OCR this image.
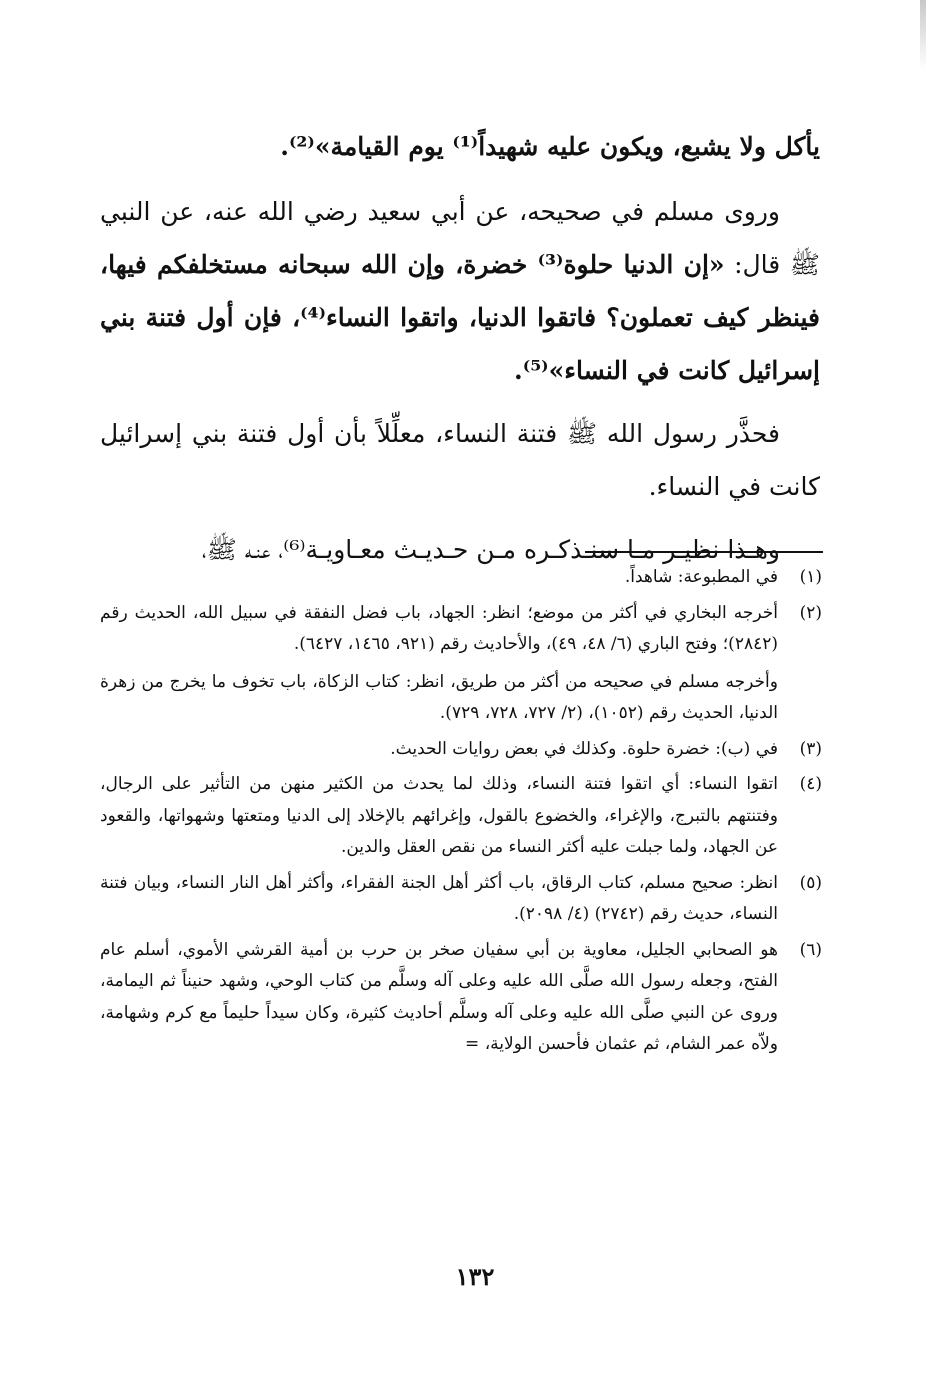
يأكل ولا يشبع، ويكون عليه شهيداً⁽¹⁾ يوم القيامة»⁽²⁾.

وروى مسلم في صحيحه، عن أبي سعيد رضي الله عنه، عن النبي ﷺ قال: «إن الدنيا حلوة⁽³⁾ خضرة، وإن الله سبحانه مستخلفكم فيها، فينظر كيف تعملون؟ فاتقوا الدنيا، واتقوا النساء⁽⁴⁾، فإن أول فتنة بني إسرائيل كانت في النساء»⁽⁵⁾.

فحذَّر رسول الله ﷺ فتنة النساء، معلِّلاً بأن أول فتنة بني إسرائيل كانت في النساء.

وهـذا نظيـر مـا سنـذكـره مـن حـديـث معـاويـة⁽⁶⁾، عنـه ﷺ،

(١)

في المطبوعة: شاهداً.

(٢)

أخرجه البخاري في أكثر من موضع؛ انظر: الجهاد، باب فضل النفقة في سبيل الله، الحديث رقم (٢٨٤٢)؛ وفتح الباري (٦/ ٤٨، ٤٩)، والأحاديث رقم (٩٢١، ١٤٦٥، ٦٤٢٧).

وأخرجه مسلم في صحيحه من أكثر من طريق، انظر: كتاب الزكاة، باب تخوف ما يخرج من زهرة الدنيا، الحديث رقم (١٠٥٢)، (٢/ ٧٢٧، ٧٢٨، ٧٢٩).

(٣)

في (ب): خضرة حلوة. وكذلك في بعض روايات الحديث.

(٤)

اتقوا النساء: أي اتقوا فتنة النساء، وذلك لما يحدث من الكثير منهن من التأثير على الرجال، وفتنتهم بالتبرج، والإغراء، والخضوع بالقول، وإغرائهم بالإخلاد إلى الدنيا ومتعتها وشهواتها، والقعود عن الجهاد، ولما جبلت عليه أكثر النساء من نقص العقل والدين.

(٥)

انظر: صحيح مسلم، كتاب الرقاق، باب أكثر أهل الجنة الفقراء، وأكثر أهل النار النساء، وبيان فتنة النساء، حديث رقم (٢٧٤٢) (٤/ ٢٠٩٨).

(٦)

هو الصحابي الجليل، معاوية بن أبي سفيان صخر بن حرب بن أمية القرشي الأموي، أسلم عام الفتح، وجعله رسول الله صلَّى الله عليه وعلى آله وسلَّم من كتاب الوحي، وشهد حنيناً ثم اليمامة، وروى عن النبي صلَّى الله عليه وعلى آله وسلَّم أحاديث كثيرة، وكان سيداً حليماً مع كرم وشهامة، ولاّه عمر الشام، ثم عثمان فأحسن الولاية، =

١٣٢
